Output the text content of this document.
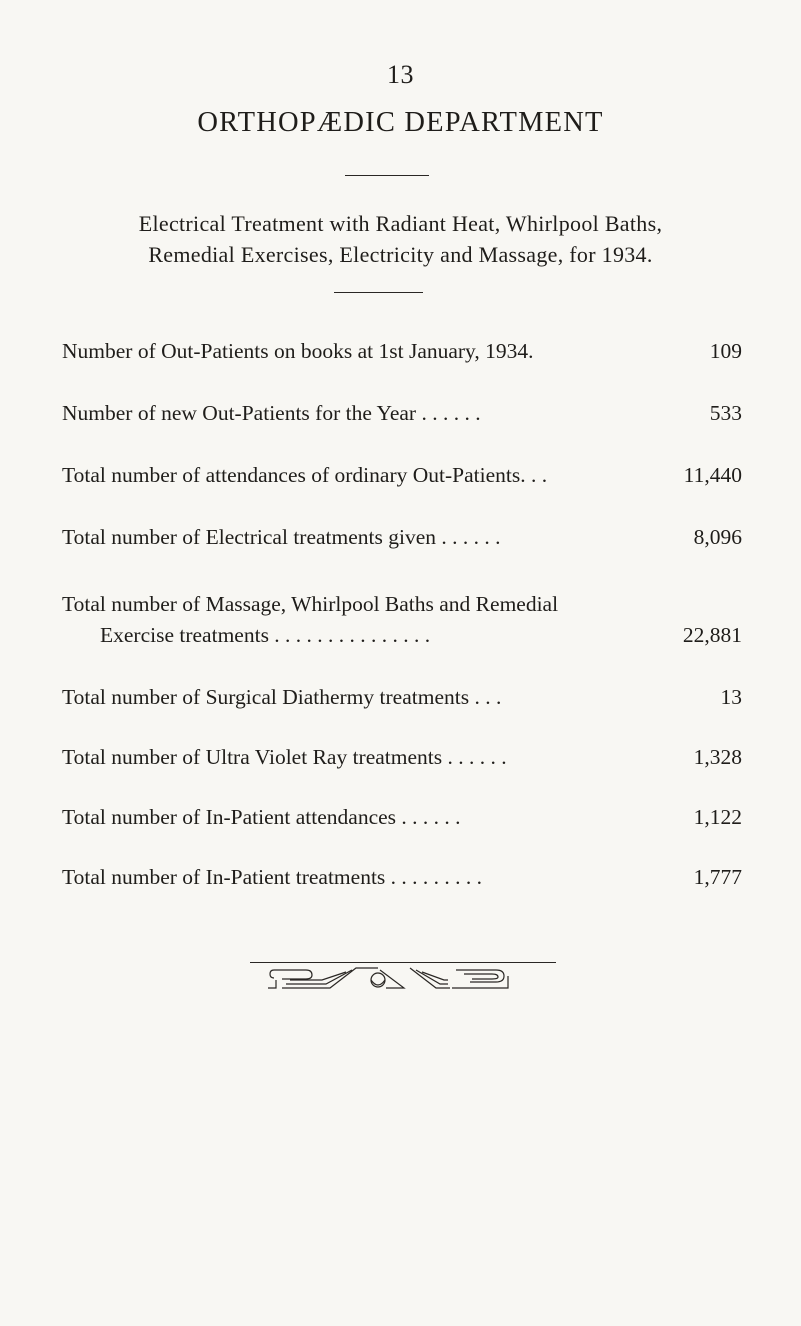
13
ORTHOPÆDIC DEPARTMENT
Electrical Treatment with Radiant Heat, Whirlpool Baths,
Remedial Exercises, Electricity and Massage, for 1934.
Number of Out-Patients on books at 1st January, 1934.	109
Number of new Out-Patients for the Year . . . . . .	533
Total number of attendances of ordinary Out-Patients. . .	11,440
Total number of Electrical treatments given . . . . . .	8,096
Total number of Massage, Whirlpool Baths and Remedial
Exercise treatments . . . . . . . . . . . . . . .	22,881
Total number of Surgical Diathermy treatments . . .	13
Total number of Ultra Violet Ray treatments . . . . . .	1,328
Total number of In-Patient attendances . . . . . .	1,122
Total number of In-Patient treatments . . . . . . . . .	1,777
